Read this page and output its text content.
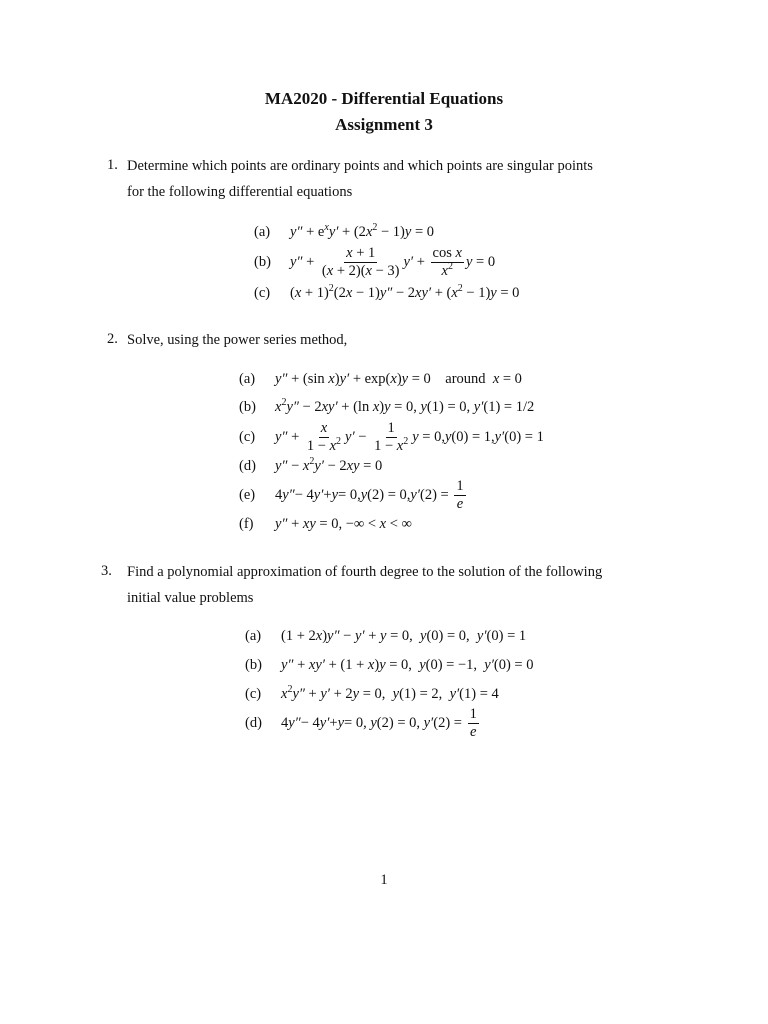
MA2020 - Differential Equations
Assignment 3
1. Determine which points are ordinary points and which points are singular points
for the following differential equations
(a)	$y'' + e^xy' + (2x^2 - 1)y = 0$
(b)	$y'' + \frac{x + 1}{(x + 2)(x - 3)} y' + \frac{\text{cos x}}{x^2}$ y = 0
(c)	$(x + 1)^2(2x - 1)y'' - 2xy' + (x^2 - 1)y = 0$
2. Solve, using the power series method,
(a)	y″ + (sin x)y′ + exp(x)y = 0    around x = 0
(b)	$x^2y'' - 2xy' + (\ln$ x)y = 0, y(1) = 0, y′(1) = 1/2
(c)	$y'' + \frac{x}{1 - x^2} y' - \frac{1}{1 - x^2}$ y = 0, y (0) = 1, y′ (0) = 1
(d)	$y'' - x^2y' - 2xy = 0$
(e)	4 y″ − 4 y′ + y = 0, y (2) = 0, y′ $(2) = \frac{1}{e}$
(f)	y″ + xy = 0, −∞ < x < ∞
3. Find a polynomial approximation of fourth degree to the solution of the following
initial value problems
(a)	(1 + 2x)y″ − y′ + y = 0,  y(0) = 0,  y′(0) = 1
(b)	y″ + xy′ + (1 + x)y = 0,  y(0) = −1,  y′(0) = 0
(c)	$x^2y'' + y' + 2y = 0$,  y(1) = 2,  y′(1) = 4
(d)	4 y″ − 4 y′ + y = 0, y (2) = 0, y′ $(2) = \frac{1}{e}$
1
